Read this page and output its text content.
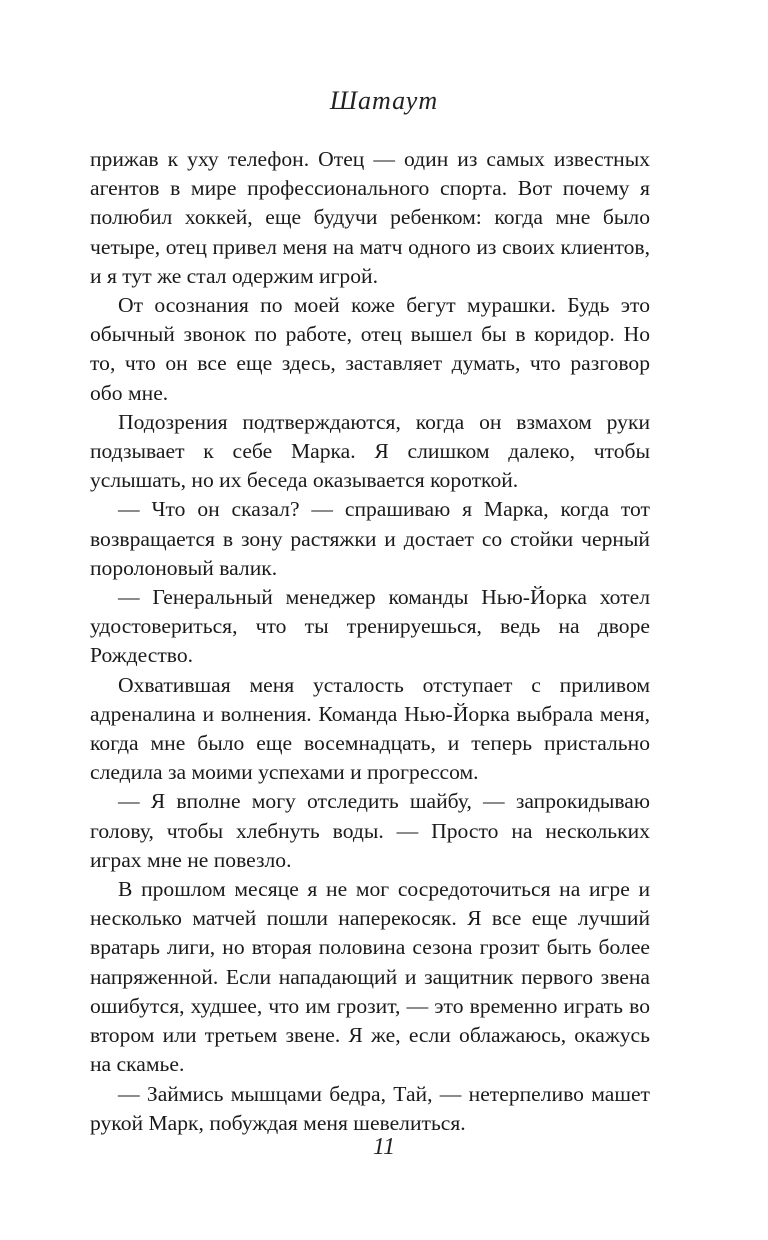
Шатаут

прижав к уху телефон. Отец — один из самых известных агентов в мире профессионального спорта. Вот почему я полюбил хоккей, еще будучи ребенком: когда мне было четыре, отец привел меня на матч одного из своих клиентов, и я тут же стал одержим игрой.

От осознания по моей коже бегут мурашки. Будь это обычный звонок по работе, отец вышел бы в коридор. Но то, что он все еще здесь, заставляет думать, что разговор обо мне.

Подозрения подтверждаются, когда он взмахом руки подзывает к себе Марка. Я слишком далеко, чтобы услышать, но их беседа оказывается короткой.

— Что он сказал? — спрашиваю я Марка, когда тот возвращается в зону растяжки и достает со стойки черный поролоновый валик.

— Генеральный менеджер команды Нью-Йорка хотел удостовериться, что ты тренируешься, ведь на дворе Рождество.

Охватившая меня усталость отступает с приливом адреналина и волнения. Команда Нью-Йорка выбрала меня, когда мне было еще восемнадцать, и теперь пристально следила за моими успехами и прогрессом.

— Я вполне могу отследить шайбу, — запрокидываю голову, чтобы хлебнуть воды. — Просто на нескольких играх мне не повезло.

В прошлом месяце я не мог сосредоточиться на игре и несколько матчей пошли наперекосяк. Я все еще лучший вратарь лиги, но вторая половина сезона грозит быть более напряженной. Если нападающий и защитник первого звена ошибутся, худшее, что им грозит, — это временно играть во втором или третьем звене. Я же, если облажаюсь, окажусь на скамье.

— Займись мышцами бедра, Тай, — нетерпеливо машет рукой Марк, побуждая меня шевелиться.

11
